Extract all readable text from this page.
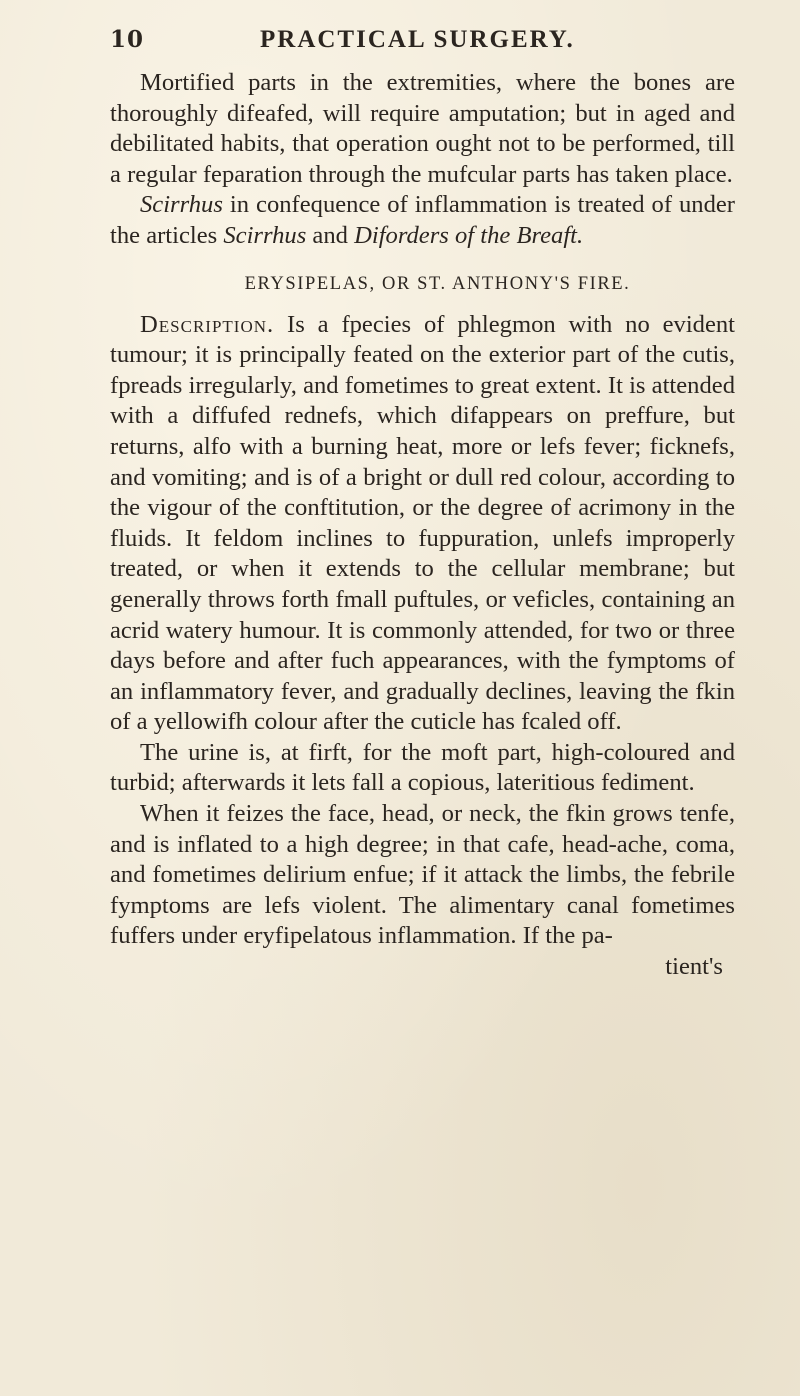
10	PRACTICAL SURGERY.

Mortified parts in the extremities, where the bones are thoroughly difeafed, will require amputation; but in aged and debilitated habits, that operation ought not to be performed, till a regular feparation through the mufcular parts has taken place.

Scirrhus in confequence of inflammation is treated of under the articles Scirrhus and Diforders of the Breaft.

ERYSIPELAS, OR ST. ANTHONY'S FIRE.

Description. Is a fpecies of phlegmon with no evident tumour; it is principally feated on the exterior part of the cutis, fpreads irregularly, and fometimes to great extent. It is attended with a diffufed rednefs, which difappears on preffure, but returns, alfo with a burning heat, more or lefs fever; ficknefs, and vomiting; and is of a bright or dull red colour, according to the vigour of the conftitution, or the degree of acrimony in the fluids. It feldom inclines to fuppuration, unlefs improperly treated, or when it extends to the cellular membrane; but generally throws forth fmall puftules, or veficles, containing an acrid watery humour. It is commonly attended, for two or three days before and after fuch appearances, with the fymptoms of an inflammatory fever, and gradually declines, leaving the fkin of a yellowifh colour after the cuticle has fcaled off.

The urine is, at firft, for the moft part, high-coloured and turbid; afterwards it lets fall a copious, lateritious fediment.

When it feizes the face, head, or neck, the fkin grows tenfe, and is inflated to a high degree; in that cafe, head-ache, coma, and fometimes delirium enfue; if it attack the limbs, the febrile fymptoms are lefs violent. The alimentary canal fometimes fuffers under eryfipelatous inflammation. If the pa-

tient's
